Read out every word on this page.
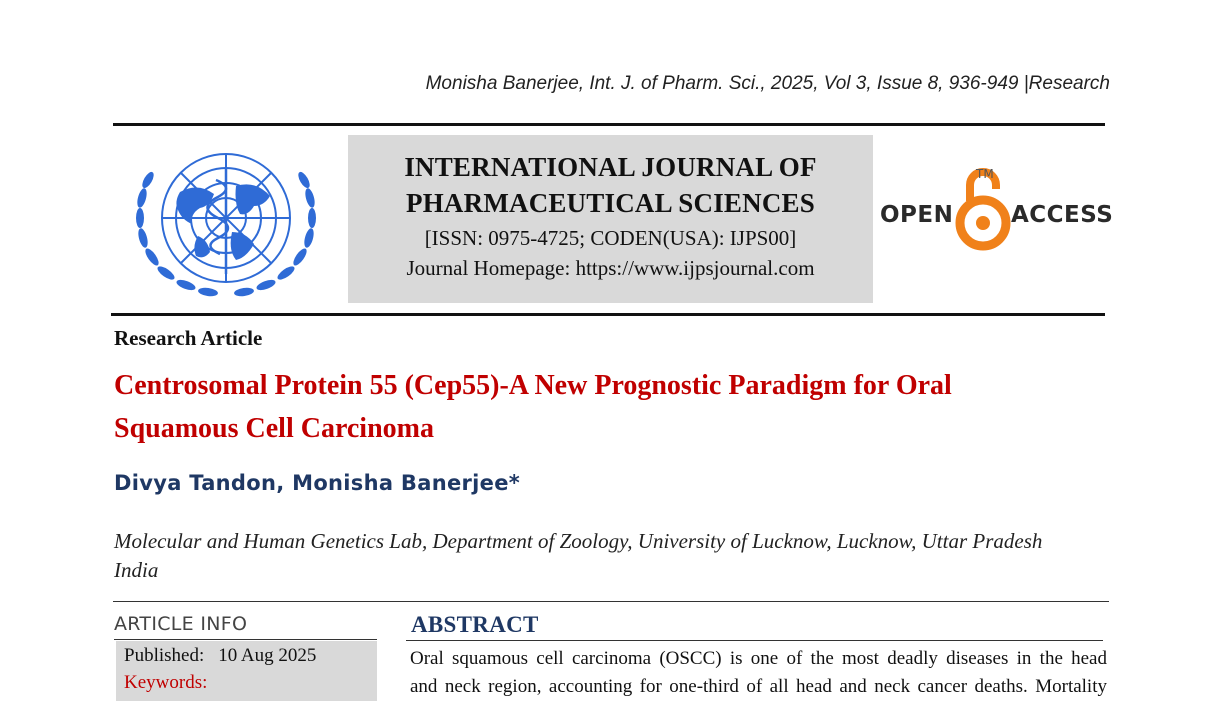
Monisha Banerjee, Int. J. of Pharm. Sci., 2025, Vol 3, Issue 8, 936-949 |Research
INTERNATIONAL JOURNAL OF
PHARMACEUTICAL SCIENCES
[ISSN: 0975-4725; CODEN(USA): IJPS00]
Journal Homepage: https://www.ijpsjournal.com
OPEN
TM
ACCESS
Research Article
Centrosomal Protein 55 (Cep55)-A New Prognostic Paradigm for Oral
Squamous Cell Carcinoma
Divya Tandon, Monisha Banerjee*
Molecular and Human Genetics Lab, Department of Zoology, University of Lucknow, Lucknow, Uttar Pradesh
India
ARTICLE INFO
Published: 10 Aug 2025
Keywords:
ABSTRACT
Oral squamous cell carcinoma (OSCC) is one of the most deadly diseases in the head
and neck region, accounting for one-third of all head and neck cancer deaths. Mortality
